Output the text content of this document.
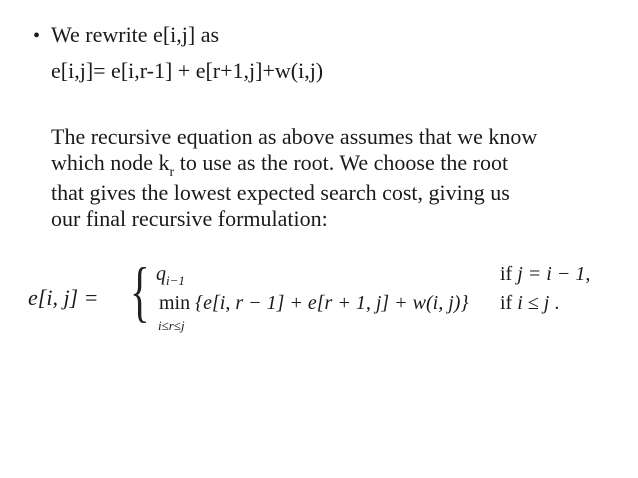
• We rewrite e[i,j] as
e[i,j]= e[i,r-1] + e[r+1,j]+w(i,j)
The recursive equation as above assumes that we know
which node $k_r$ to use as the root. We choose the root
that gives the lowest expected search cost, giving us
our final recursive formulation:
e[i, j] = { $q_{i-1}$
min {e[i, r − 1] + e[r + 1, j] + w(i, j)}
i≤r≤j
if j = i − 1,
if i ≤ j .
